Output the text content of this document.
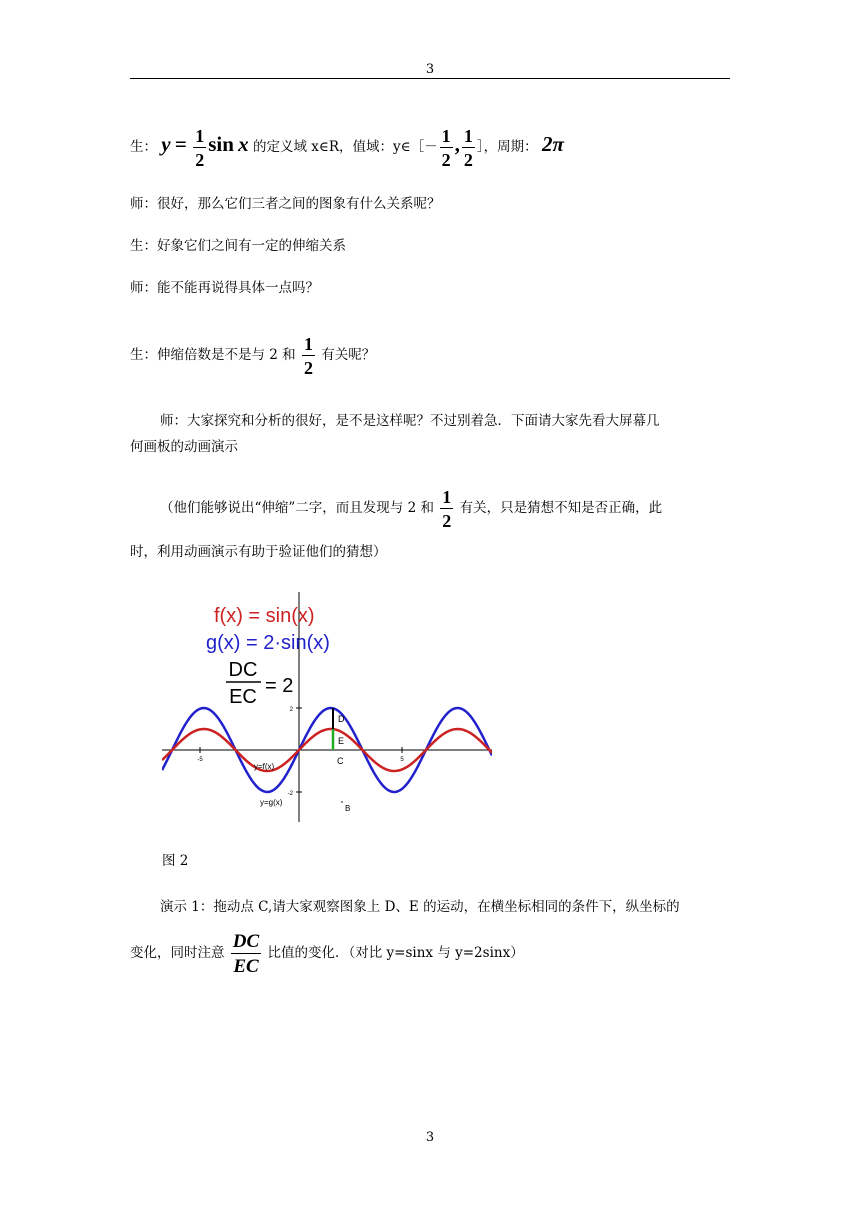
3
生： $y = \frac{1}{2}$ sin x 的定义域 x∈R，值域：y∈［－ $\frac{1}{2}$ , $\frac{1}{2}$ ］，周期： 2π
师：很好，那么它们三者之间的图象有什么关系呢？
生：好象它们之间有一定的伸缩关系
师：能不能再说得具体一点吗？
生：伸缩倍数是不是与 2 和 $\frac{1}{2}$ 有关呢？
师：大家探究和分析的很好，是不是这样呢？不过别着急．下面请大家先看大屏幕几
何画板的动画演示
（他们能够说出“伸缩”二字，而且发现与 2 和 $\frac{1}{2}$ 有关，只是猜想不知是否正确，此
时，利用动画演示有助于验证他们的猜想）
2
-2
-5	5
f(x) = sin(x)
g(x) = 2·sin(x)
DC
EC = 2
y=f(x)
y=g(x)
D
E
C
B
图 2
演示 1：拖动点 C,请大家观察图象上 D、E 的运动，在横坐标相同的条件下，纵坐标的
变化，同时注意 $\frac{DC}{EC}$ 比值的变化．（对比 y=sinx 与 y=2sinx）
3
